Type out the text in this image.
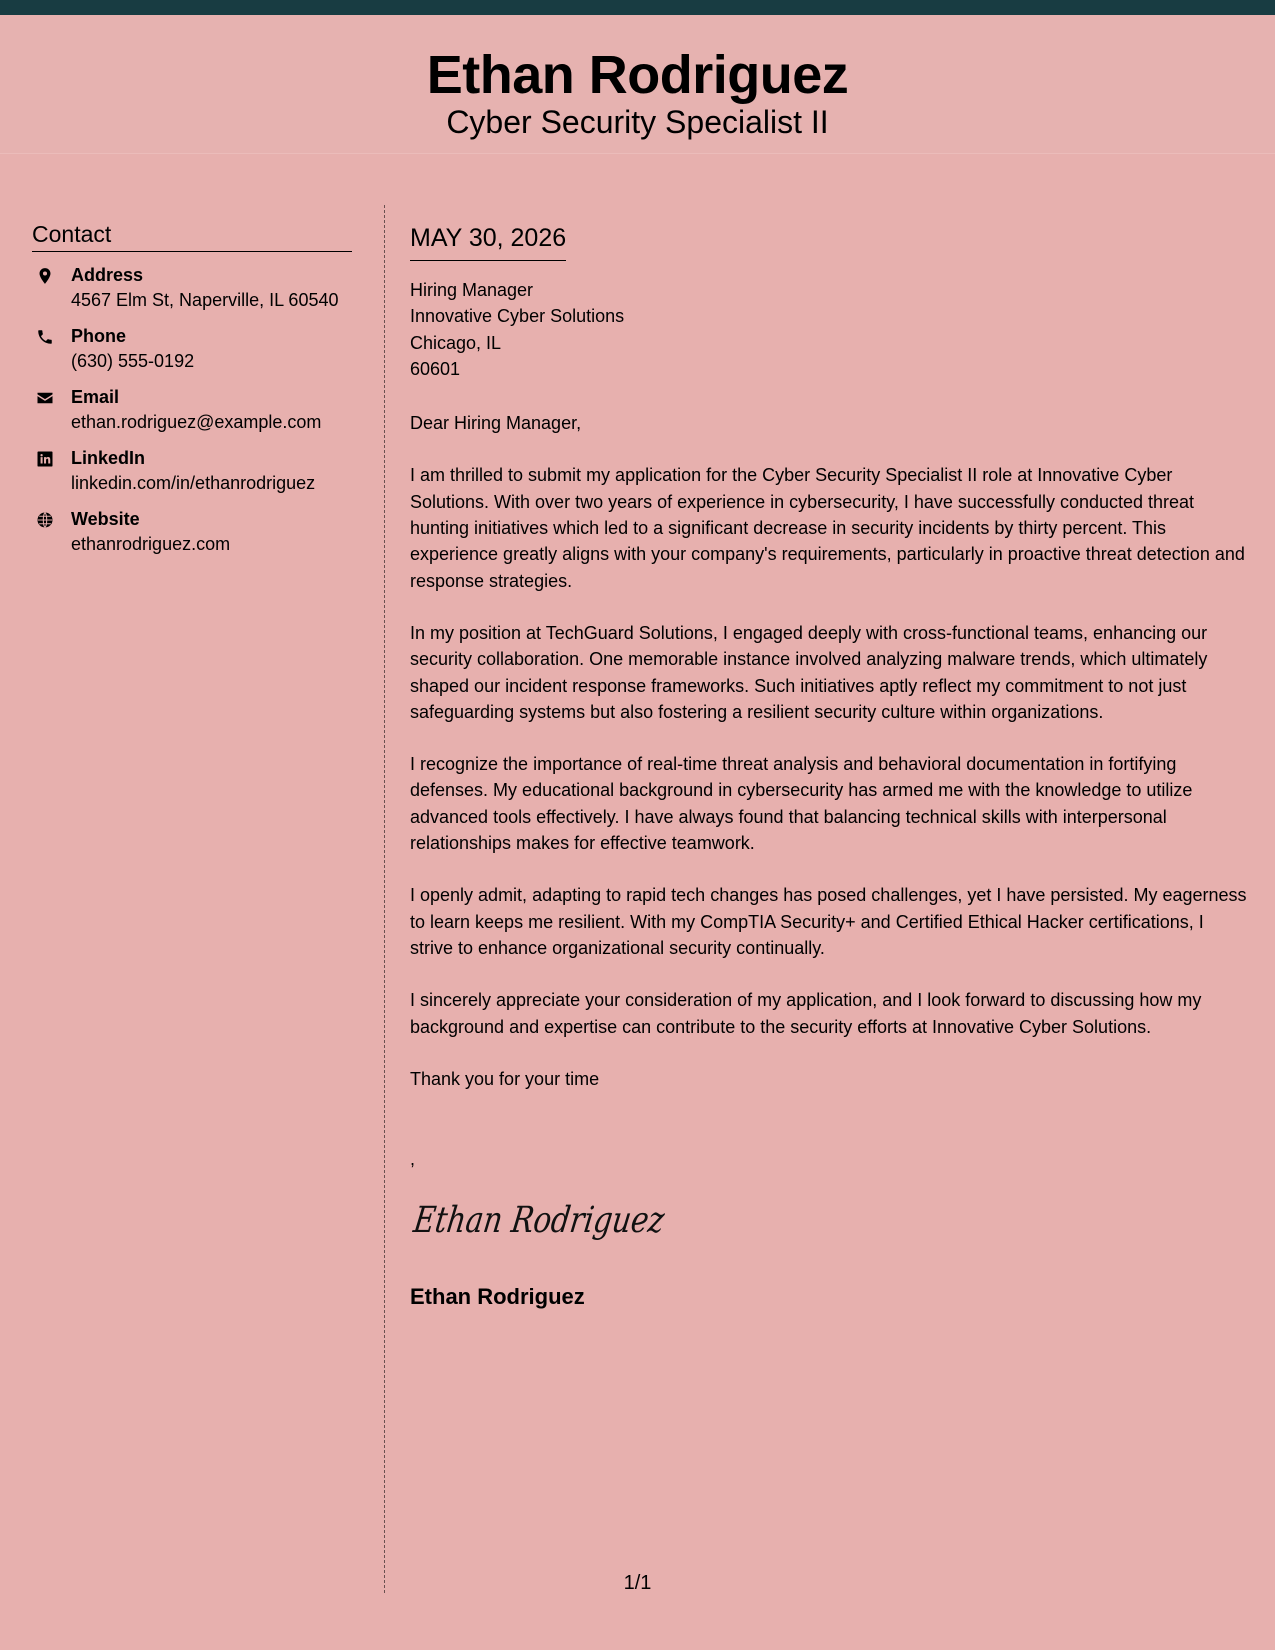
Ethan Rodriguez
Cyber Security Specialist II
Contact
Address
4567 Elm St, Naperville, IL 60540
Phone
(630) 555-0192
Email
ethan.rodriguez@example.com
LinkedIn
linkedin.com/in/ethanrodriguez
Website
ethanrodriguez.com
MAY 30, 2026
Hiring Manager
Innovative Cyber Solutions
Chicago, IL
60601
Dear Hiring Manager,
I am thrilled to submit my application for the Cyber Security Specialist II role at Innovative Cyber Solutions. With over two years of experience in cybersecurity, I have successfully conducted threat hunting initiatives which led to a significant decrease in security incidents by thirty percent. This experience greatly aligns with your company's requirements, particularly in proactive threat detection and response strategies.
In my position at TechGuard Solutions, I engaged deeply with cross-functional teams, enhancing our security collaboration. One memorable instance involved analyzing malware trends, which ultimately shaped our incident response frameworks. Such initiatives aptly reflect my commitment to not just safeguarding systems but also fostering a resilient security culture within organizations.
I recognize the importance of real-time threat analysis and behavioral documentation in fortifying defenses. My educational background in cybersecurity has armed me with the knowledge to utilize advanced tools effectively. I have always found that balancing technical skills with interpersonal relationships makes for effective teamwork.
I openly admit, adapting to rapid tech changes has posed challenges, yet I have persisted. My eagerness to learn keeps me resilient. With my CompTIA Security+ and Certified Ethical Hacker certifications, I strive to enhance organizational security continually.
I sincerely appreciate your consideration of my application, and I look forward to discussing how my background and expertise can contribute to the security efforts at Innovative Cyber Solutions.
Thank you for your time
,
Ethan Rodriguez
Ethan Rodriguez
1/1
